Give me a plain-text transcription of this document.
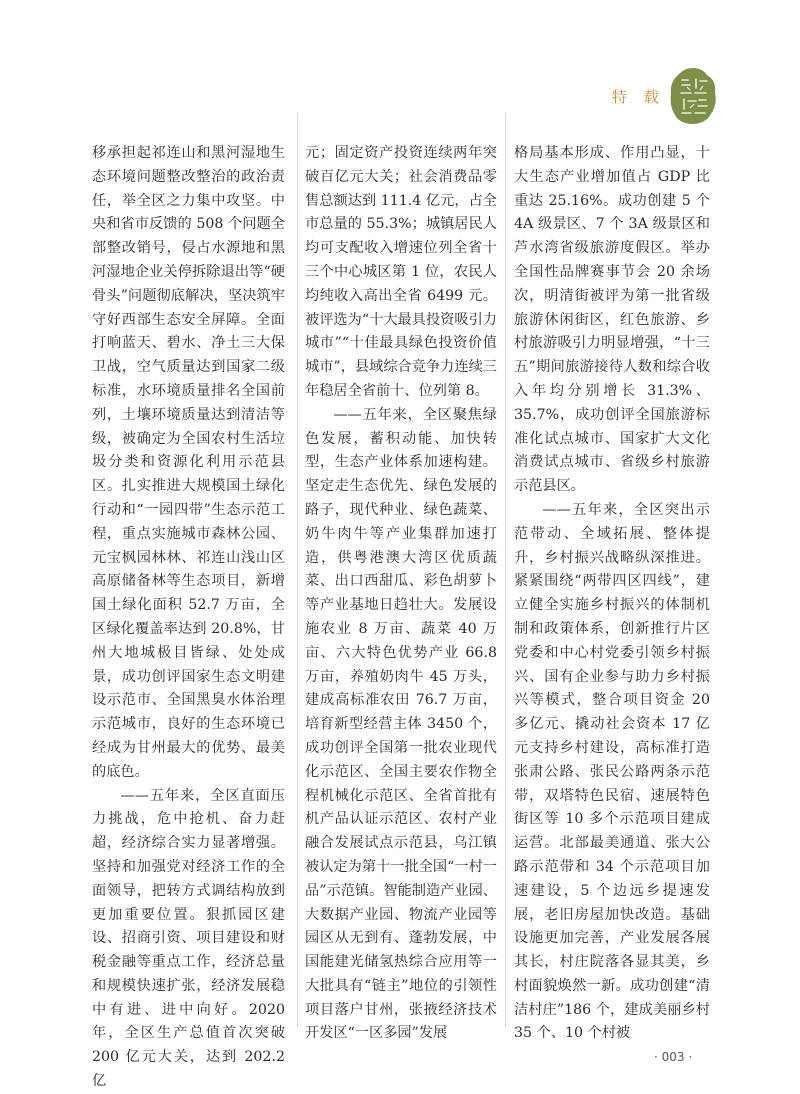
特 载

移承担起祁连山和黑河湿地生态环境问题整改整治的政治责任，举全区之力集中攻坚。中央和省市反馈的 508 个问题全部整改销号，侵占水源地和黑河湿地企业关停拆除退出等“硬骨头”问题彻底解决，坚决筑牢守好西部生态安全屏障。全面打响蓝天、碧水、净土三大保卫战，空气质量达到国家二级标准，水环境质量排名全国前列，土壤环境质量达到清洁等级，被确定为全国农村生活垃圾分类和资源化利用示范县区。扎实推进大规模国土绿化行动和“一园四带”生态示范工程，重点实施城市森林公园、元宝枫园林林、祁连山浅山区高原储备林等生态项目，新增国土绿化面积 52.7 万亩，全区绿化覆盖率达到 20.8%，甘州大地城极目皆绿、处处成景，成功创评国家生态文明建设示范市、全国黑臭水体治理示范城市，良好的生态环境已经成为甘州最大的优势、最美的底色。

——五年来，全区直面压力挑战，危中抢机、奋力赶超，经济综合实力显著增强。坚持和加强党对经济工作的全面领导，把转方式调结构放到更加重要位置。狠抓园区建设、招商引资、项目建设和财税金融等重点工作，经济总量和规模快速扩张，经济发展稳中有进、进中向好。2020 年，全区生产总值首次突破 200 亿元大关，达到 202.2 亿

元；固定资产投资连续两年突破百亿元大关；社会消费品零售总额达到 111.4 亿元，占全市总量的 55.3%；城镇居民人均可支配收入增速位列全省十三个中心城区第 1 位，农民人均纯收入高出全省 6499 元。被评选为“十大最具投资吸引力城市”“十佳最具绿色投资价值城市”，县域综合竞争力连续三年稳居全省前十、位列第 8。

——五年来，全区聚焦绿色发展，蓄积动能、加快转型，生态产业体系加速构建。坚定走生态优先、绿色发展的路子，现代种业、绿色蔬菜、奶牛肉牛等产业集群加速打造，供粤港澳大湾区优质蔬菜、出口西甜瓜、彩色胡萝卜等产业基地日趋壮大。发展设施农业 8 万亩、蔬菜 40 万亩、六大特色优势产业 66.8 万亩，养殖奶肉牛 45 万头，建成高标准农田 76.7 万亩，培育新型经营主体 3450 个，成功创评全国第一批农业现代化示范区、全国主要农作物全程机械化示范区、全省首批有机产品认证示范区、农村产业融合发展试点示范县，乌江镇被认定为第十一批全国“一村一品”示范镇。智能制造产业园、大数据产业园、物流产业园等园区从无到有、蓬勃发展，中国能建光储氢热综合应用等一大批具有“链主”地位的引领性项目落户甘州，张掖经济技术开发区“一区多园”发展

格局基本形成、作用凸显，十大生态产业增加值占 GDP 比重达 25.16%。成功创建 5 个 4A 级景区、7 个 3A 级景区和芦水湾省级旅游度假区。举办全国性品牌赛事节会 20 余场次，明清街被评为第一批省级旅游休闲街区，红色旅游、乡村旅游吸引力明显增强，“十三五”期间旅游接待人数和综合收入年均分别增长 31.3%、35.7%，成功创评全国旅游标准化试点城市、国家扩大文化消费试点城市、省级乡村旅游示范县区。

——五年来，全区突出示范带动、全域拓展、整体提升，乡村振兴战略纵深推进。紧紧围绕“两带四区四线”，建立健全实施乡村振兴的体制机制和政策体系，创新推行片区党委和中心村党委引领乡村振兴、国有企业参与助力乡村振兴等模式，整合项目资金 20 多亿元、撬动社会资本 17 亿元支持乡村建设，高标准打造张肃公路、张民公路两条示范带，双塔特色民宿、速展特色街区等 10 多个示范项目建成运营。北部最美通道、张大公路示范带和 34 个示范项目加速建设，5 个边远乡提速发展，老旧房屋加快改造。基础设施更加完善，产业发展各展其长，村庄院落各显其美，乡村面貌焕然一新。成功创建“清洁村庄”186 个，建成美丽乡村 35 个、10 个村被

· 003 ·
